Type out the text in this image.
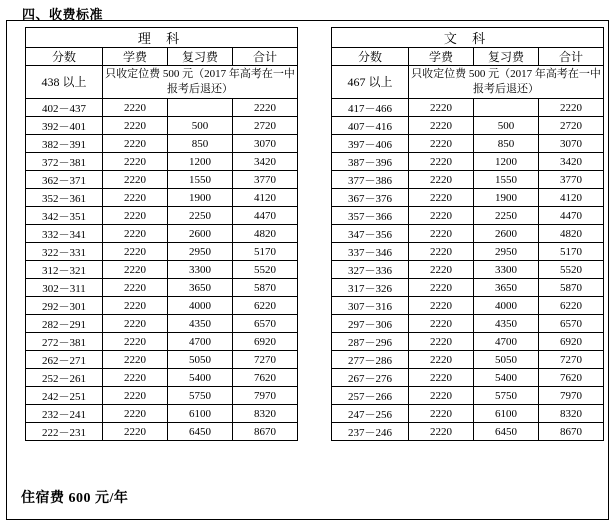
四、收费标准
理 科			
分数	学费	复习费	合计
438 以上	只收定位费 500 元（2017 年高考在一中报考后退还）		
402－437	2220		2220
392－401	2220	500	2720
382－391	2220	850	3070
372－381	2220	1200	3420
362－371	2220	1550	3770
352－361	2220	1900	4120
342－351	2220	2250	4470
332－341	2220	2600	4820
322－331	2220	2950	5170
312－321	2220	3300	5520
302－311	2220	3650	5870
292－301	2220	4000	6220
282－291	2220	4350	6570
272－381	2220	4700	6920
262－271	2220	5050	7270
252－261	2220	5400	7620
242－251	2220	5750	7970
232－241	2220	6100	8320
222－231	2220	6450	8670
文 科			
分数	学费	复习费	合计
467 以上	只收定位费 500 元（2017 年高考在一中报考后退还）		
417－466	2220		2220
407－416	2220	500	2720
397－406	2220	850	3070
387－396	2220	1200	3420
377－386	2220	1550	3770
367－376	2220	1900	4120
357－366	2220	2250	4470
347－356	2220	2600	4820
337－346	2220	2950	5170
327－336	2220	3300	5520
317－326	2220	3650	5870
307－316	2220	4000	6220
297－306	2220	4350	6570
287－296	2220	4700	6920
277－286	2220	5050	7270
267－276	2220	5400	7620
257－266	2220	5750	7970
247－256	2220	6100	8320
237－246	2220	6450	8670
住宿费 600 元/年
